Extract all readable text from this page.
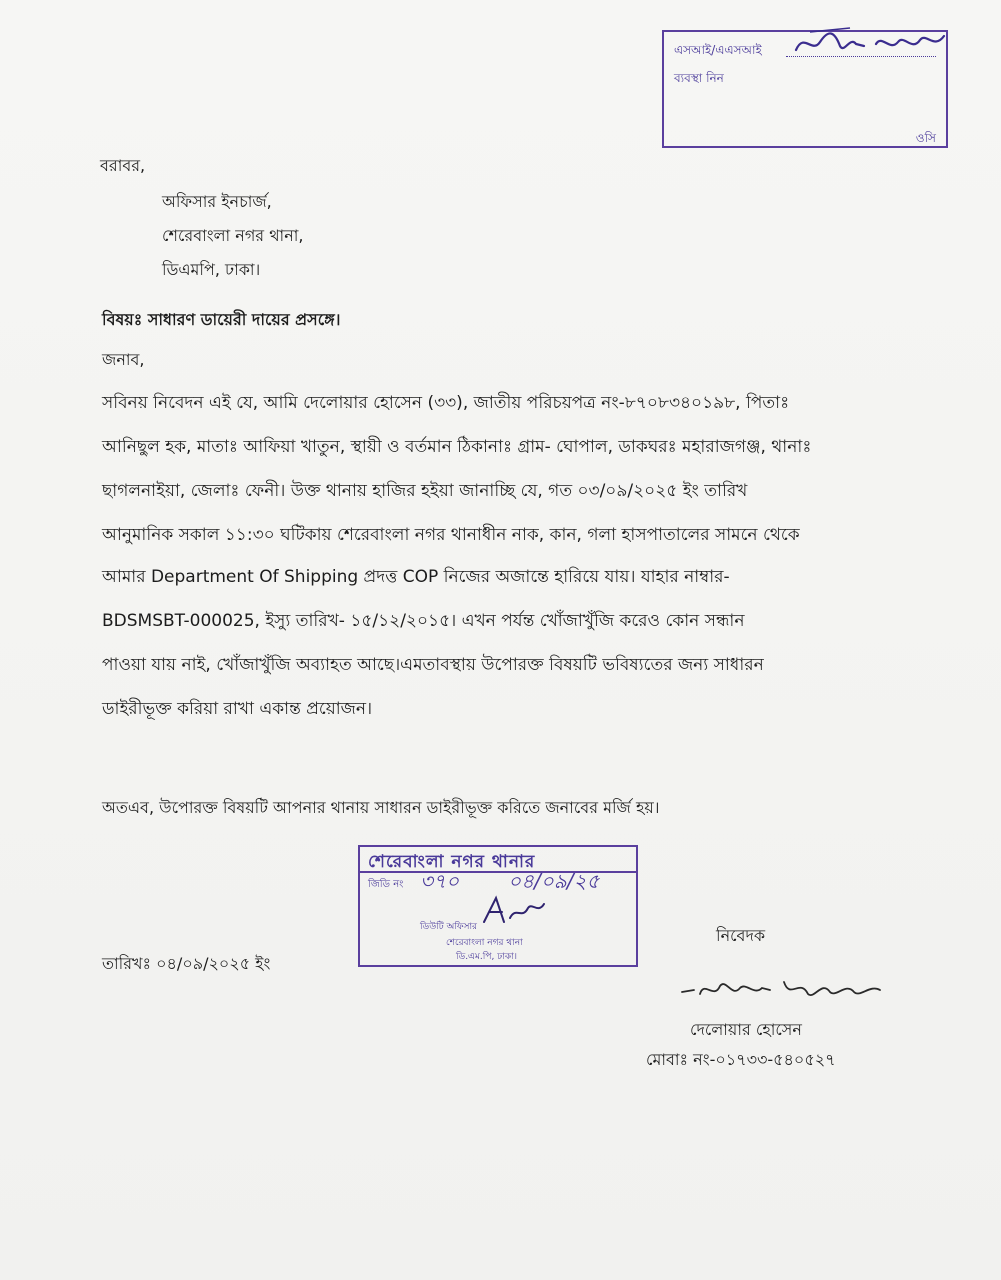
এসআই/এএসআই
ব্যবস্থা নিন
ওসি
বরাবর,
অফিসার ইনচার্জ,
শেরেবাংলা নগর থানা,
ডিএমপি, ঢাকা।
বিষয়ঃ সাধারণ ডায়েরী দায়ের প্রসঙ্গে।
জনাব,
সবিনয় নিবেদন এই যে, আমি দেলোয়ার হোসেন (৩৩), জাতীয় পরিচয়পত্র নং-৮৭০৮৩৪০১৯৮, পিতাঃ
আনিছুল হক, মাতাঃ আফিয়া খাতুন, স্থায়ী ও বর্তমান ঠিকানাঃ গ্রাম- ঘোপাল, ডাকঘরঃ মহারাজগঞ্জ, থানাঃ
ছাগলনাইয়া, জেলাঃ ফেনী। উক্ত থানায় হাজির হইয়া জানাচ্ছি যে, গত ০৩/০৯/২০২৫ ইং তারিখ
আনুমানিক সকাল ১১:৩০ ঘটিকায় শেরেবাংলা নগর থানাধীন নাক, কান, গলা হাসপাতালের সামনে থেকে
আমার Department Of Shipping প্রদত্ত COP নিজের অজান্তে হারিয়ে যায়। যাহার নাম্বার-
BDSMSBT-000025, ইস্যু তারিখ- ১৫/১২/২০১৫। এখন পর্যন্ত খোঁজাখুঁজি করেও কোন সন্ধান
পাওয়া যায় নাই, খোঁজাখুঁজি অব্যাহত আছে।এমতাবস্থায় উপোরক্ত বিষয়টি ভবিষ্যতের জন্য সাধারন
ডাইরীভূক্ত করিয়া রাখা একান্ত প্রয়োজন।
অতএব, উপোরক্ত বিষয়টি আপনার থানায় সাধারন ডাইরীভূক্ত করিতে জনাবের মর্জি হয়।
শেরেবাংলা নগর থানার
জিডি নং ৩৭০ ০৪/০৯/২৫
ডিউটি অফিসার
শেরেবাংলা নগর থানা
ডি.এম.পি, ঢাকা।
তারিখঃ ০৪/০৯/২০২৫ ইং
নিবেদক
দেলোয়ার হোসেন
মোবাঃ নং-০১৭৩৩-৫৪০৫২৭
